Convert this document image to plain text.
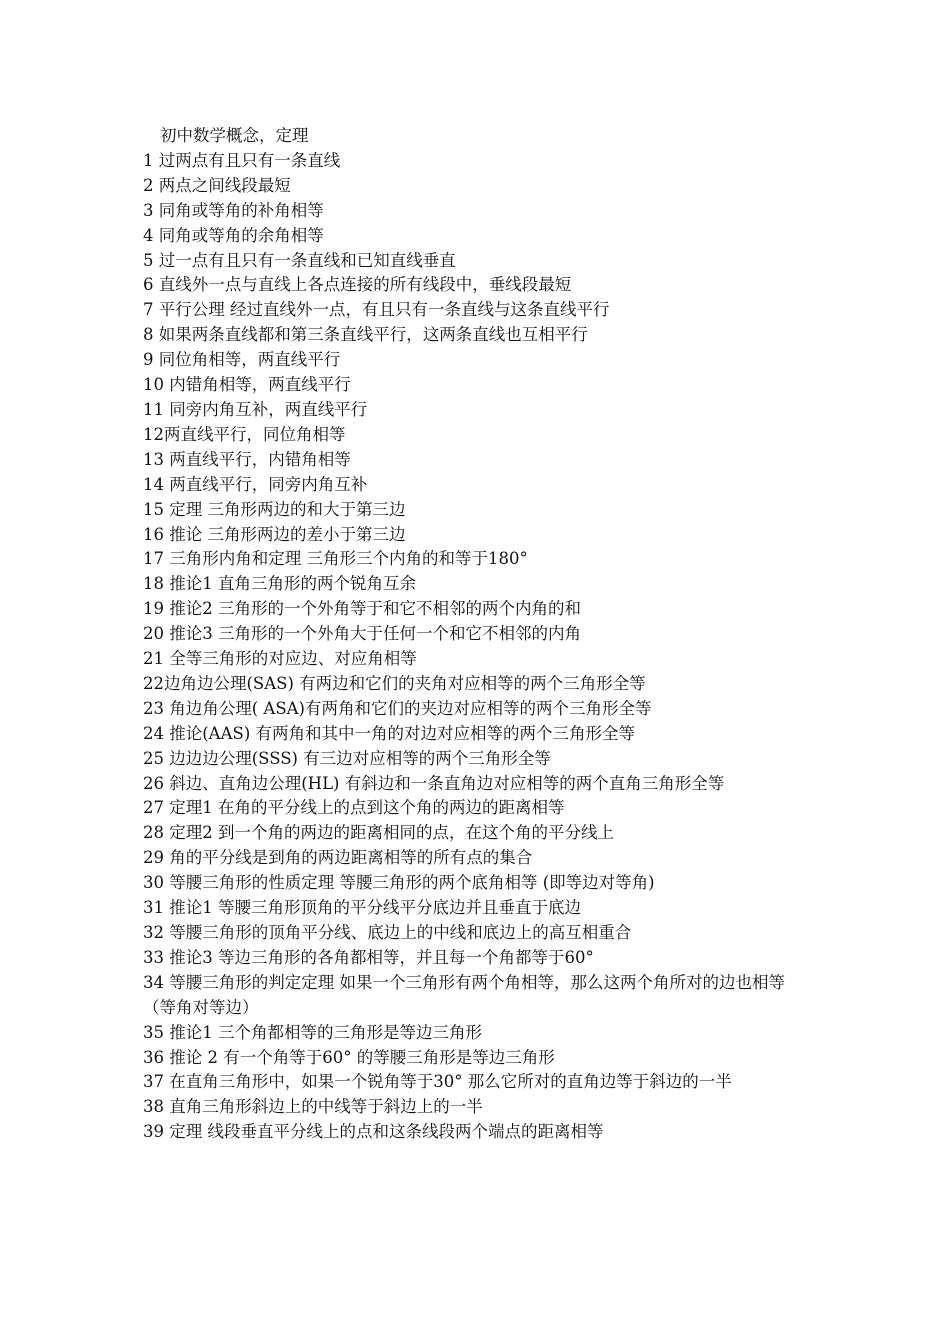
初中数学概念，定理
1 过两点有且只有一条直线
2 两点之间线段最短
3 同角或等角的补角相等
4 同角或等角的余角相等
5 过一点有且只有一条直线和已知直线垂直
6 直线外一点与直线上各点连接的所有线段中，垂线段最短
7 平行公理 经过直线外一点，有且只有一条直线与这条直线平行
8 如果两条直线都和第三条直线平行，这两条直线也互相平行
9 同位角相等，两直线平行
10 内错角相等，两直线平行
11 同旁内角互补，两直线平行
12两直线平行，同位角相等
13 两直线平行，内错角相等
14 两直线平行，同旁内角互补
15 定理 三角形两边的和大于第三边
16 推论 三角形两边的差小于第三边
17 三角形内角和定理 三角形三个内角的和等于180°
18 推论1 直角三角形的两个锐角互余
19 推论2 三角形的一个外角等于和它不相邻的两个内角的和
20 推论3 三角形的一个外角大于任何一个和它不相邻的内角
21 全等三角形的对应边、对应角相等
22边角边公理(SAS) 有两边和它们的夹角对应相等的两个三角形全等
23 角边角公理( ASA)有两角和它们的夹边对应相等的两个三角形全等
24 推论(AAS) 有两角和其中一角的对边对应相等的两个三角形全等
25 边边边公理(SSS) 有三边对应相等的两个三角形全等
26 斜边、直角边公理(HL) 有斜边和一条直角边对应相等的两个直角三角形全等
27 定理1 在角的平分线上的点到这个角的两边的距离相等
28 定理2 到一个角的两边的距离相同的点，在这个角的平分线上
29 角的平分线是到角的两边距离相等的所有点的集合
30 等腰三角形的性质定理 等腰三角形的两个底角相等 (即等边对等角)
31 推论1 等腰三角形顶角的平分线平分底边并且垂直于底边
32 等腰三角形的顶角平分线、底边上的中线和底边上的高互相重合
33 推论3 等边三角形的各角都相等，并且每一个角都等于60°
34 等腰三角形的判定定理 如果一个三角形有两个角相等，那么这两个角所对的边也相等（等角对等边）
35 推论1 三个角都相等的三角形是等边三角形
36 推论 2 有一个角等于60° 的等腰三角形是等边三角形
37 在直角三角形中，如果一个锐角等于30° 那么它所对的直角边等于斜边的一半
38 直角三角形斜边上的中线等于斜边上的一半
39 定理 线段垂直平分线上的点和这条线段两个端点的距离相等
